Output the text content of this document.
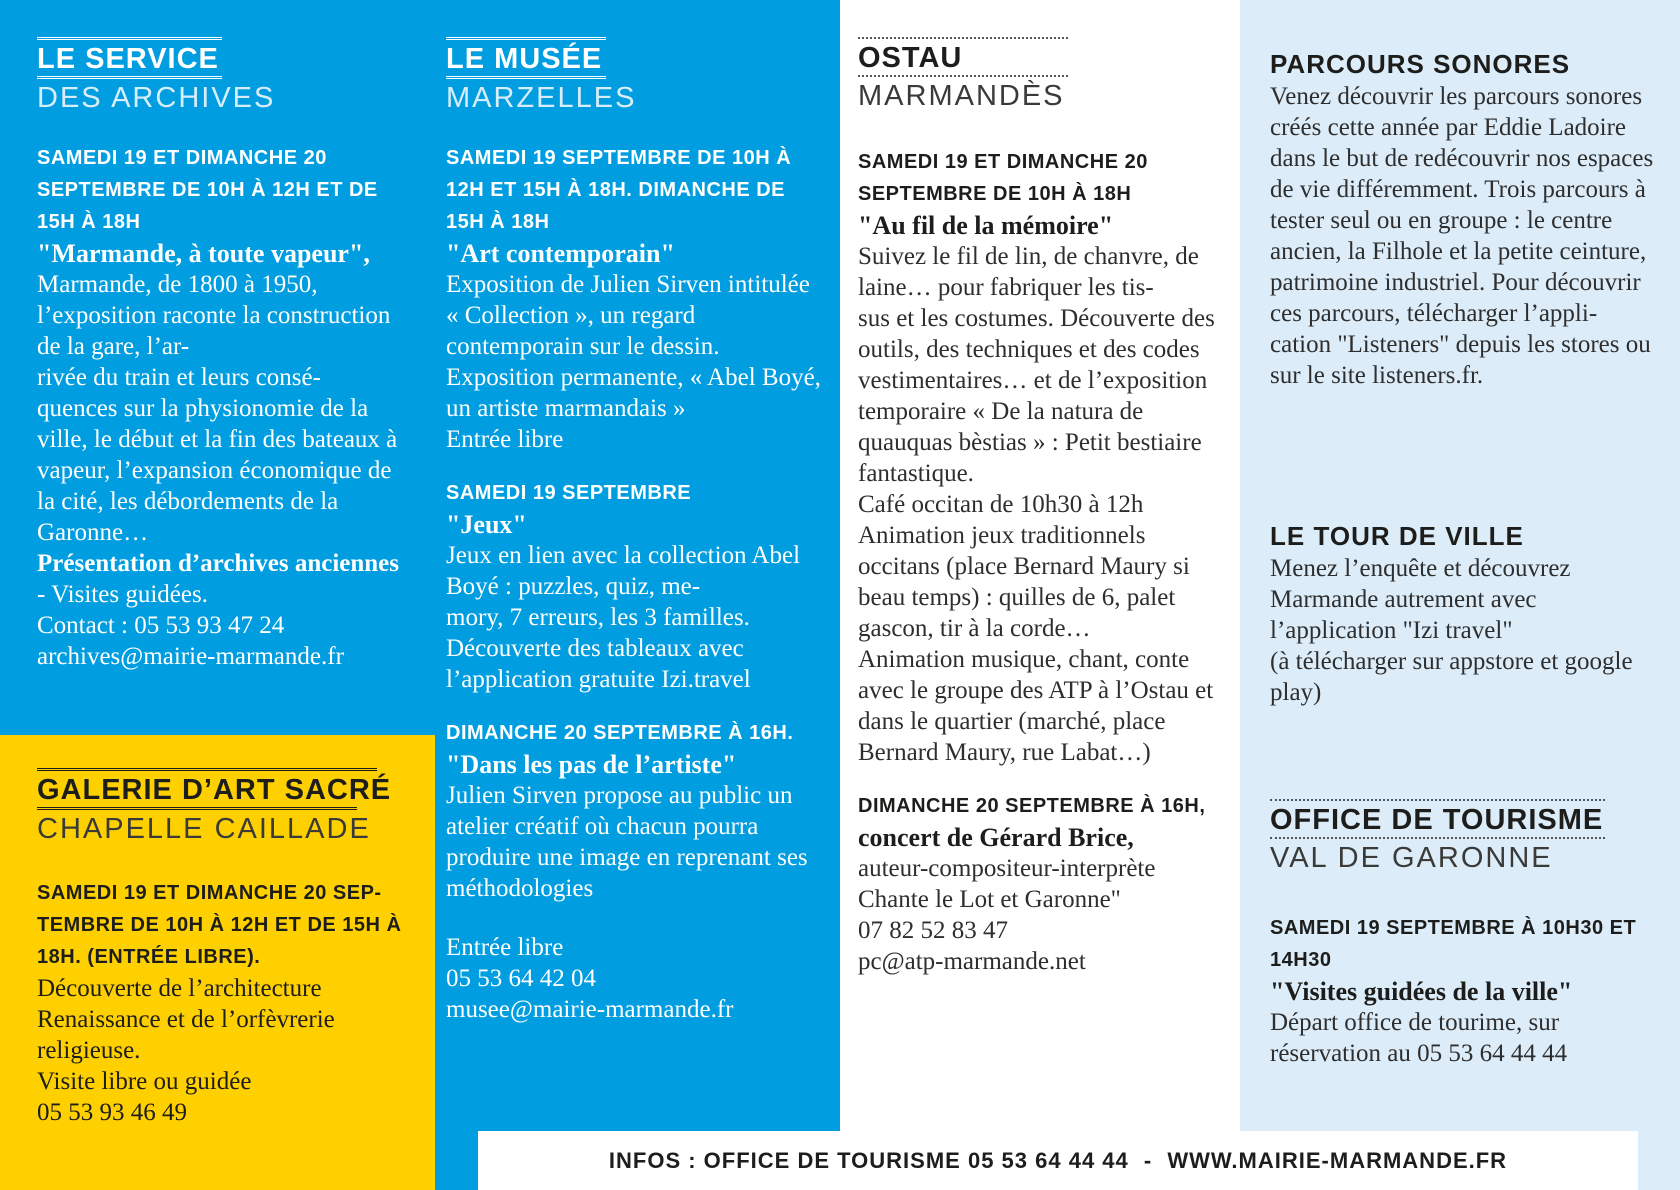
LE SERVICE
DES ARCHIVES
SAMEDI 19 ET DIMANCHE 20 SEPTEMBRE DE 10H À 12H ET DE 15H À 18H
"Marmande, à toute vapeur",
Marmande, de 1800 à 1950, l’exposition raconte la construction de la gare, l’ar-
rivée du train et leurs consé-
quences sur la physionomie de la ville, le début et la fin des bateaux à vapeur, l’expansion économique de la cité, les débordements de la Garonne…
Présentation d’archives anciennes - Visites guidées.
Contact : 05 53 93 47 24
archives@mairie-marmande.fr
GALERIE D’ART SACRÉ
CHAPELLE CAILLADE
SAMEDI 19 ET DIMANCHE 20 SEP-TEMBRE DE 10H À 12H ET DE 15H À 18H. (ENTRÉE LIBRE).
Découverte de l’architecture Renaissance et de l’orfèvrerie religieuse.
Visite libre ou guidée
05 53 93 46 49
LE MUSÉE
MARZELLES
SAMEDI 19 SEPTEMBRE DE 10H À 12H ET 15H À 18H. DIMANCHE DE 15H À 18H
"Art contemporain"
Exposition de Julien Sirven intitulée « Collection », un regard contemporain sur le dessin.
Exposition permanente, « Abel Boyé, un artiste marmandais »
Entrée libre
SAMEDI 19 SEPTEMBRE
"Jeux"
Jeux en lien avec la collection Abel Boyé : puzzles, quiz, me-
mory, 7 erreurs, les 3 familles. Découverte des tableaux avec l’application gratuite Izi.travel
DIMANCHE 20 SEPTEMBRE À 16H.
"Dans les pas de l’artiste"
Julien Sirven propose au public un atelier créatif où chacun pourra produire une image en reprenant ses méthodologies
Entrée libre
05 53 64 42 04
musee@mairie-marmande.fr
OSTAU
MARMANDÈS
SAMEDI 19 ET DIMANCHE 20 SEPTEMBRE DE 10H À 18H
"Au fil de la mémoire"
Suivez le fil de lin, de chanvre, de laine… pour fabriquer les tis-
sus et les costumes. Découverte des outils, des techniques et des codes vestimentaires… et de l’exposition temporaire « De la natura de quauquas bèstias » : Petit bestiaire fantastique.
Café occitan de 10h30 à 12h
Animation jeux traditionnels occitans (place Bernard Maury si beau temps) : quilles de 6, palet gascon, tir à la corde…
Animation musique, chant, conte avec le groupe des ATP à l’Ostau et dans le quartier (marché, place Bernard Maury, rue Labat…)
DIMANCHE 20 SEPTEMBRE À 16H,
concert de Gérard Brice,
auteur-compositeur-interprète
Chante le Lot et Garonne"
07 82 52 83 47
pc@atp-marmande.net
PARCOURS SONORES
Venez découvrir les parcours sonores créés cette année par Eddie Ladoire dans le but de redécouvrir nos espaces de vie différemment. Trois parcours à tester seul ou en groupe : le centre ancien, la Filhole et la petite ceinture, patrimoine industriel. Pour découvrir ces parcours, télécharger l’appli-
cation "Listeners" depuis les stores ou sur le site listeners.fr.
LE TOUR DE VILLE
Menez l’enquête et découvrez Marmande autrement avec l’application "Izi travel"
(à télécharger sur appstore et google play)
OFFICE DE TOURISME
VAL DE GARONNE
SAMEDI 19 SEPTEMBRE À 10H30 ET 14H30
"Visites guidées de la ville"
Départ office de tourime, sur réservation au 05 53 64 44 44
INFOS : OFFICE DE TOURISME 05 53 64 44 44 - WWW.MAIRIE-MARMANDE.FR
